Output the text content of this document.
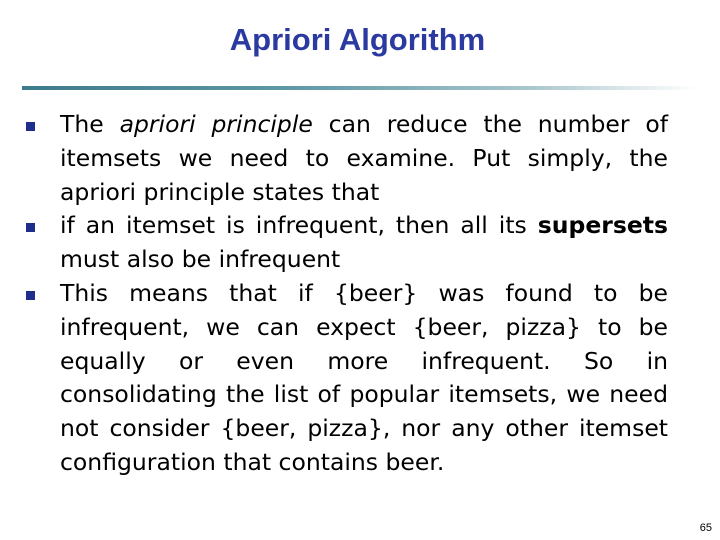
Apriori Algorithm
The apriori principle can reduce the number of itemsets we need to examine. Put simply, the apriori principle states that
if an itemset is infrequent, then all its supersets must also be infrequent
This means that if {beer} was found to be infrequent, we can expect {beer, pizza} to be equally or even more infrequent. So in consolidating the list of popular itemsets, we need not consider {beer, pizza}, nor any other itemset configuration that contains beer.
65
